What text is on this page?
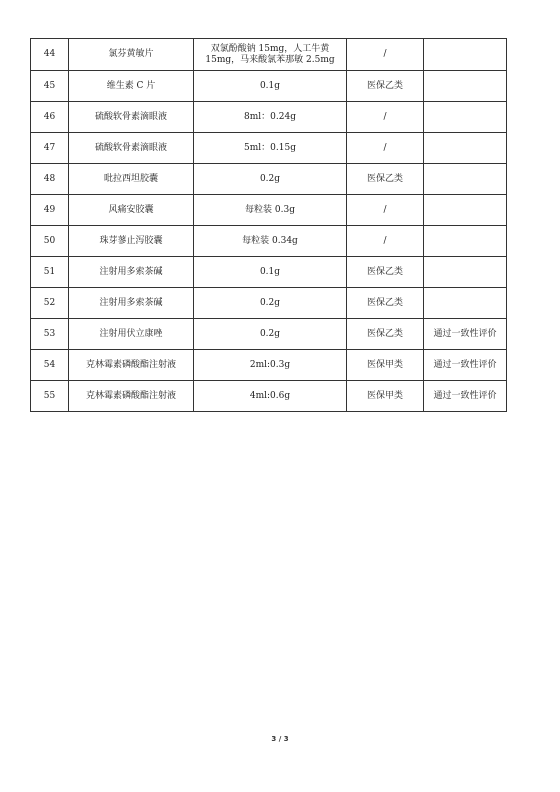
44	氯芬黄敏片	双氯酚酸钠 15mg，人工牛黄 15mg，马来酸氯苯那敏 2.5mg	/	
45	维生素 C 片	0.1g	医保乙类	
46	硫酸软骨素滴眼液	8ml：0.24g	/	
47	硫酸软骨素滴眼液	5ml：0.15g	/	
48	吡拉西坦胶囊	0.2g	医保乙类	
49	风痛安胶囊	每粒装 0.3g	/	
50	珠芽蓼止泻胶囊	每粒装 0.34g	/	
51	注射用多索茶碱	0.1g	医保乙类	
52	注射用多索茶碱	0.2g	医保乙类	
53	注射用伏立康唑	0.2g	医保乙类	通过一致性评价
54	克林霉素磷酸酯注射液	2ml:0.3g	医保甲类	通过一致性评价
55	克林霉素磷酸酯注射液	4ml:0.6g	医保甲类	通过一致性评价
3 / 3
